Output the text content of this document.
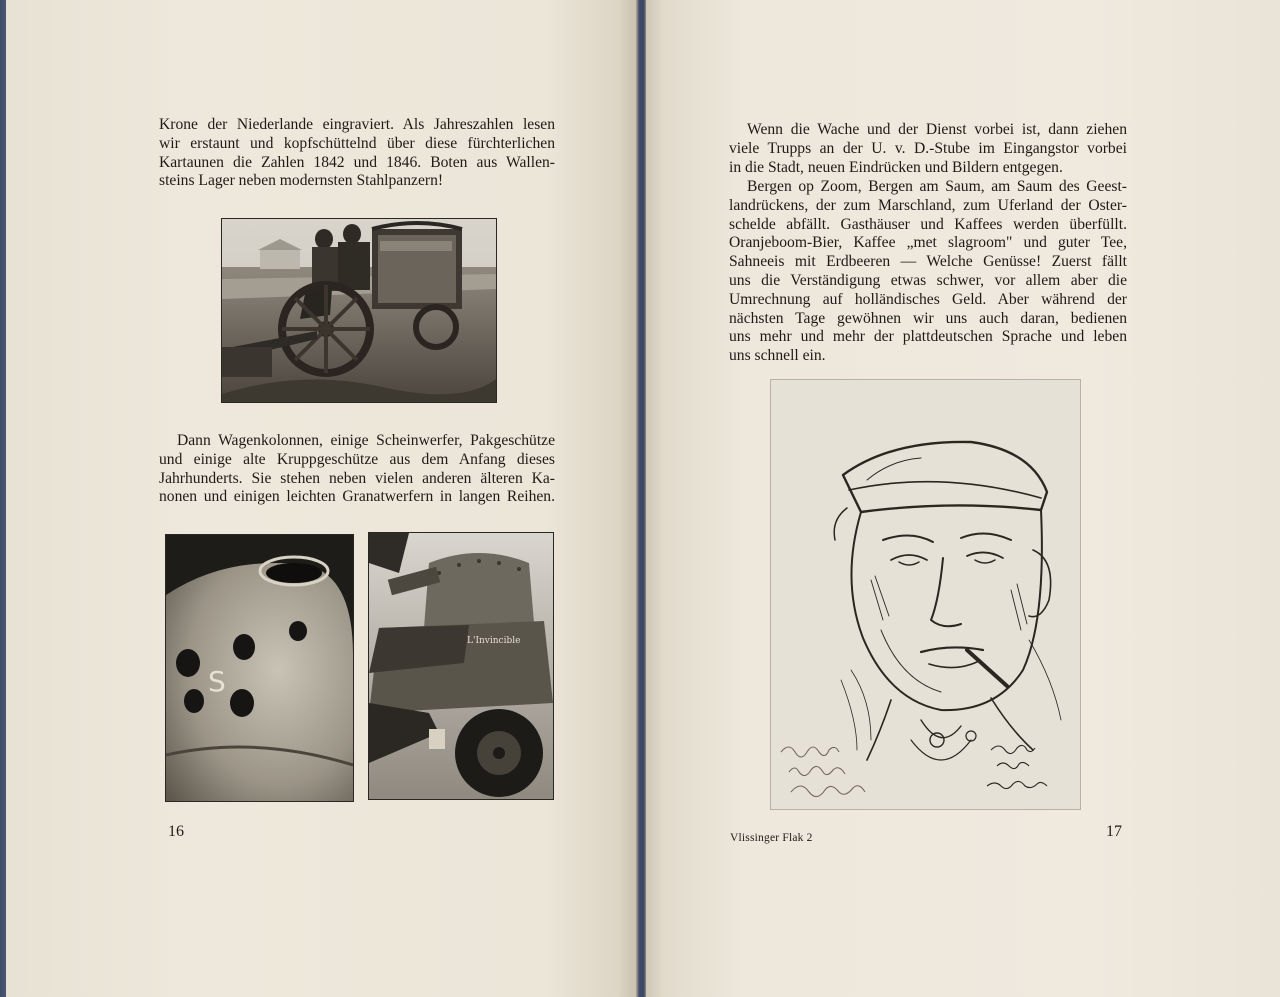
Krone der Niederlande eingraviert. Als Jahreszahlen lesen
wir erstaunt und kopfschüttelnd über diese fürchterlichen
Kartaunen die Zahlen 1842 und 1846. Boten aus Wallen-
steins Lager neben modernsten Stahlpanzern!
Dann Wagenkolonnen, einige Scheinwerfer, Pakgeschütze
und einige alte Kruppgeschütze aus dem Anfang dieses
Jahrhunderts. Sie stehen neben vielen anderen älteren Ka-
nonen und einigen leichten Granatwerfern in langen Reihen.
S
L'Invincible
16
Wenn die Wache und der Dienst vorbei ist, dann ziehen
viele Trupps an der U. v. D.-Stube im Eingangstor vorbei
in die Stadt, neuen Eindrücken und Bildern entgegen.
Bergen op Zoom, Bergen am Saum, am Saum des Geest-
landrückens, der zum Marschland, zum Uferland der Oster-
schelde abfällt. Gasthäuser und Kaffees werden überfüllt.
Oranjeboom-Bier, Kaffee „met slagroom" und guter Tee,
Sahneeis mit Erdbeeren — Welche Genüsse! Zuerst fällt
uns die Verständigung etwas schwer, vor allem aber die
Umrechnung auf holländisches Geld. Aber während der
nächsten Tage gewöhnen wir uns auch daran, bedienen
uns mehr und mehr der plattdeutschen Sprache und leben
uns schnell ein.
Vlissinger Flak 2	17
